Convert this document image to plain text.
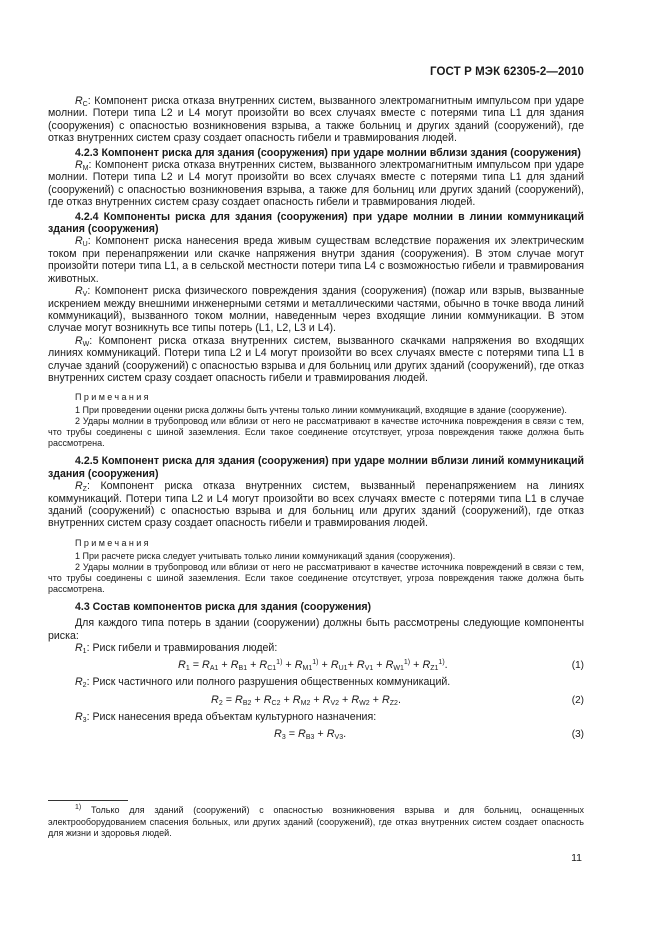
ГОСТ Р МЭК 62305-2—2010

$R_C$: Компонент риска отказа внутренних систем, вызванного электромагнитным импульсом при ударе молнии. Потери типа L2 и L4 могут произойти во всех случаях вместе с потерями типа L1 для здания (сооружения) с опасностью возникновения взрыва, а также больниц и других зданий (сооружений), где отказ внутренних систем сразу создает опасность гибели и травмирования людей.

4.2.3 Компонент риска для здания (сооружения) при ударе молнии вблизи здания (сооружения)

$R_M$: Компонент риска отказа внутренних систем, вызванного электромагнитным импульсом при ударе молнии. Потери типа L2 и L4 могут произойти во всех случаях вместе с потерями типа L1 для зданий (сооружений) с опасностью возникновения взрыва, а также для больниц или других зданий (сооружений), где отказ внутренних систем сразу создает опасность гибели и травмирования людей.

4.2.4 Компоненты риска для здания (сооружения) при ударе молнии в линии коммуникаций здания (сооружения)

$R_U$: Компонент риска нанесения вреда живым существам вследствие поражения их электрическим током при перенапряжении или скачке напряжения внутри здания (сооружения). В этом случае могут произойти потери типа L1, а в сельской местности потери типа L4 с возможностью гибели и травмирования животных.

$R_V$: Компонент риска физического повреждения здания (сооружения) (пожар или взрыв, вызванные искрением между внешними инженерными сетями и металлическими частями, обычно в точке ввода линий коммуникаций), вызванного током молнии, наведенным через входящие линии коммуникации. В этом случае могут возникнуть все типы потерь (L1, L2, L3 и L4).

$R_W$: Компонент риска отказа внутренних систем, вызванного скачками напряжения во входящих линиях коммуникаций. Потери типа L2 и L4 могут произойти во всех случаях вместе с потерями типа L1 в случае зданий (сооружений) с опасностью взрыва и для больниц или других зданий (сооружений), где отказ внутренних систем сразу создает опасность гибели и травмирования людей.

Примечания

1 При проведении оценки риска должны быть учтены только линии коммуникаций, входящие в здание (сооружение).

2 Удары молнии в трубопровод или вблизи от него не рассматривают в качестве источника повреждения в связи с тем, что трубы соединены с шиной заземления. Если такое соединение отсутствует, угроза повреждения также должна быть рассмотрена.

4.2.5 Компонент риска для здания (сооружения) при ударе молнии вблизи линий коммуникаций здания (сооружения)

$R_Z$: Компонент риска отказа внутренних систем, вызванный перенапряжением на линиях коммуникаций. Потери типа L2 и L4 могут произойти во всех случаях вместе с потерями типа L1 в случае зданий (сооружений) с опасностью взрыва и для больниц или других зданий (сооружений), где отказ внутренних систем сразу создает опасность гибели и травмирования людей.

Примечания

1 При расчете риска следует учитывать только линии коммуникаций здания (сооружения).

2 Удары молнии в трубопровод или вблизи от него не рассматривают в качестве источника повреждений в связи с тем, что трубы соединены с шиной заземления. Если такое соединение отсутствует, угроза повреждения также должна быть рассмотрена.

4.3 Состав компонентов риска для здания (сооружения)

Для каждого типа потерь в здании (сооружении) должны быть рассмотрены следующие компоненты риска:

$R_1$: Риск гибели и травмирования людей:

$R_1 = R_{A1} + R_{B1} + R_{C1}^{1)} + R_{M1}^{1)} + R_{U1}+ R_{V1} + R_{W1}^{1)} + R_{Z1}^{1)}$.	(1)

$R_2$: Риск частичного или полного разрушения общественных коммуникаций.

$R_2 = R_{B2} + R_{C2} + R_{M2} + R_{V2} + R_{W2} + R_{Z2}$.	(2)

$R_3$: Риск нанесения вреда объектам культурного назначения:

$R_3 = R_{B3} + R_{V3}$.	(3)

$^{1)}$ Только для зданий (сооружений) с опасностью возникновения взрыва и для больниц, оснащенных электрооборудованием спасения больных, или других зданий (сооружений), где отказ внутренних систем создает опасность для жизни и здоровья людей.

11
